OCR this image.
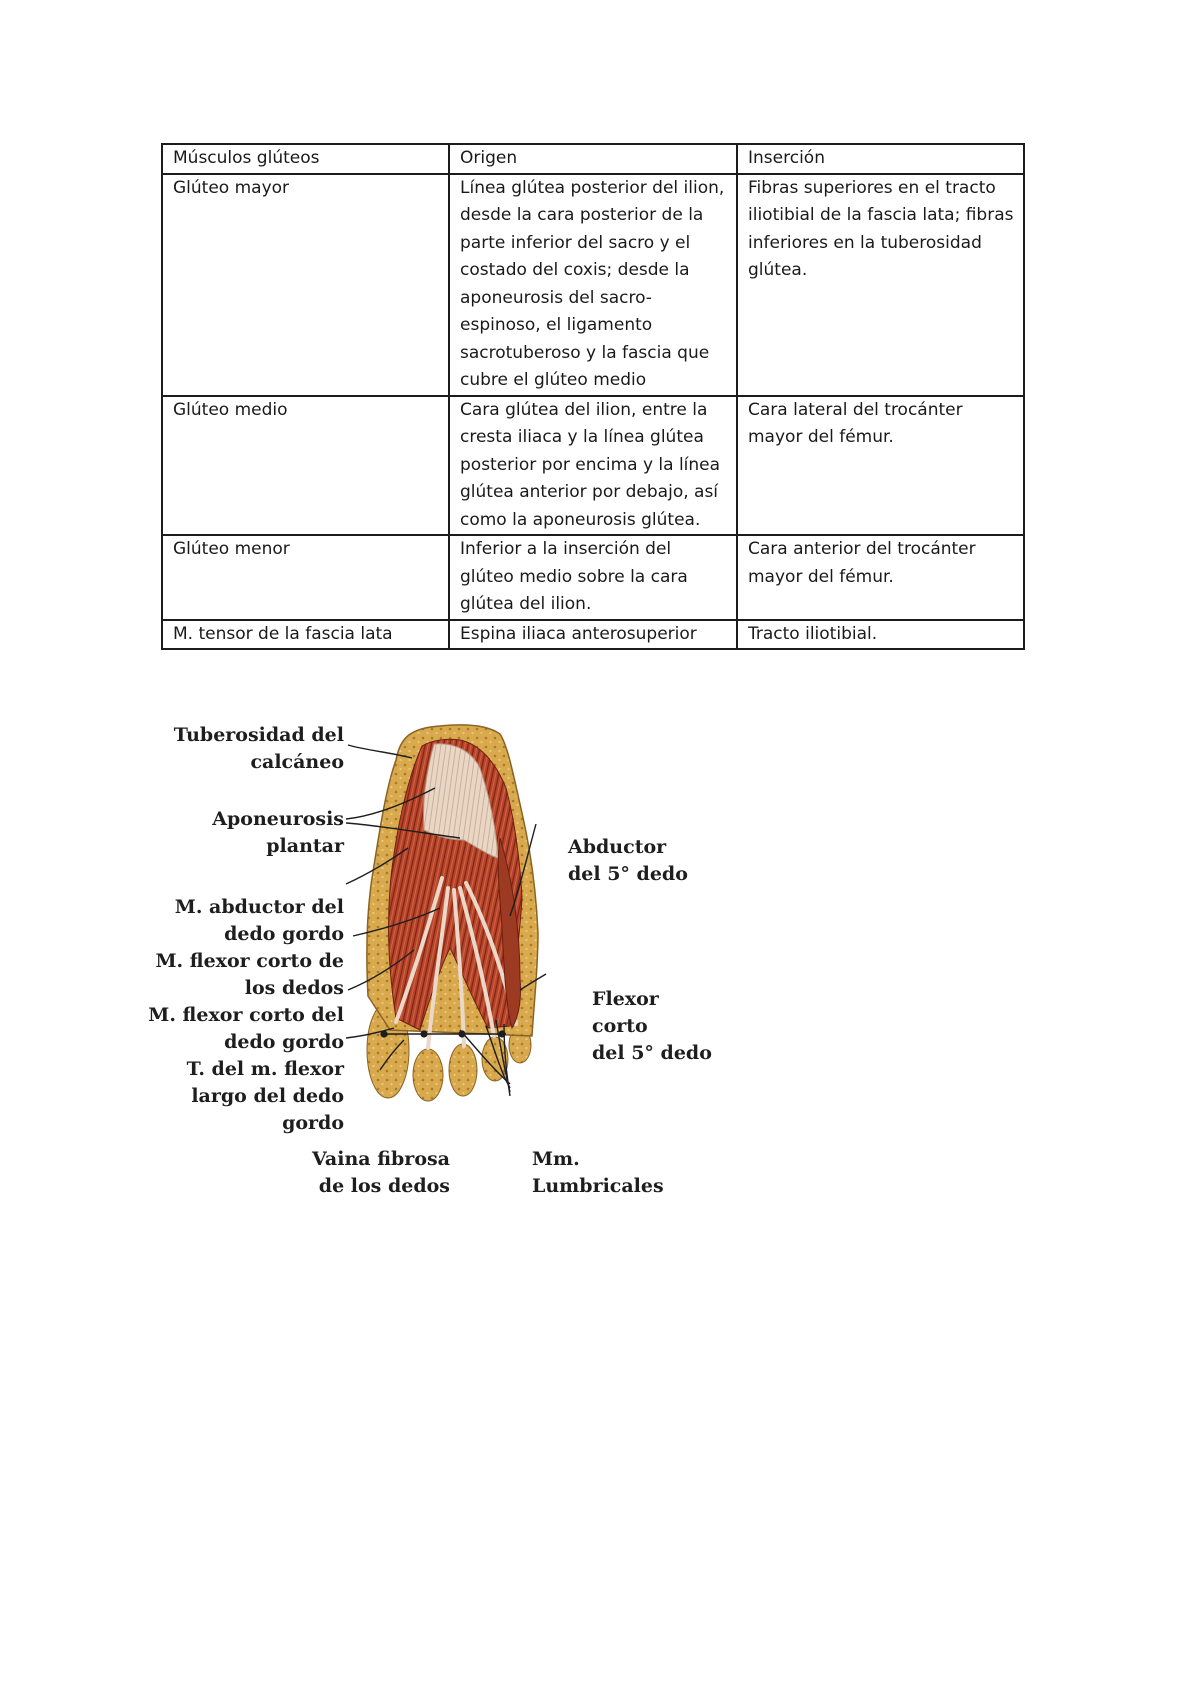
Músculos glúteos	Origen	Inserción
Glúteo mayor	Línea glútea posterior del ilion, desde la cara posterior de la parte inferior del sacro y el costado del coxis; desde la aponeurosis del sacro-espinoso, el ligamento sacrotuberoso y la fascia que cubre el glúteo medio	Fibras superiores en el tracto iliotibial de la fascia lata; fibras inferiores en la tuberosidad glútea.
Glúteo medio	Cara glútea del ilion, entre la cresta iliaca y la línea glútea posterior por encima y la línea glútea anterior por debajo, así como la aponeurosis glútea.	Cara lateral del trocánter mayor del fémur.
Glúteo menor	Inferior a la inserción del glúteo medio sobre la cara glútea del ilion.	Cara anterior del trocánter mayor del fémur.
M. tensor de la fascia lata	Espina iliaca anterosuperior	Tracto iliotibial.
Tuberosidad del
calcáneo
Aponeurosis
plantar
M. abductor del
dedo gordo
M. flexor corto de
los dedos
M. flexor corto del
dedo gordo
T. del m. flexor
largo del dedo
gordo
Vaina fibrosa
de los dedos
Abductor
del 5° dedo
Flexor
corto
del 5° dedo
Mm.
Lumbricales
